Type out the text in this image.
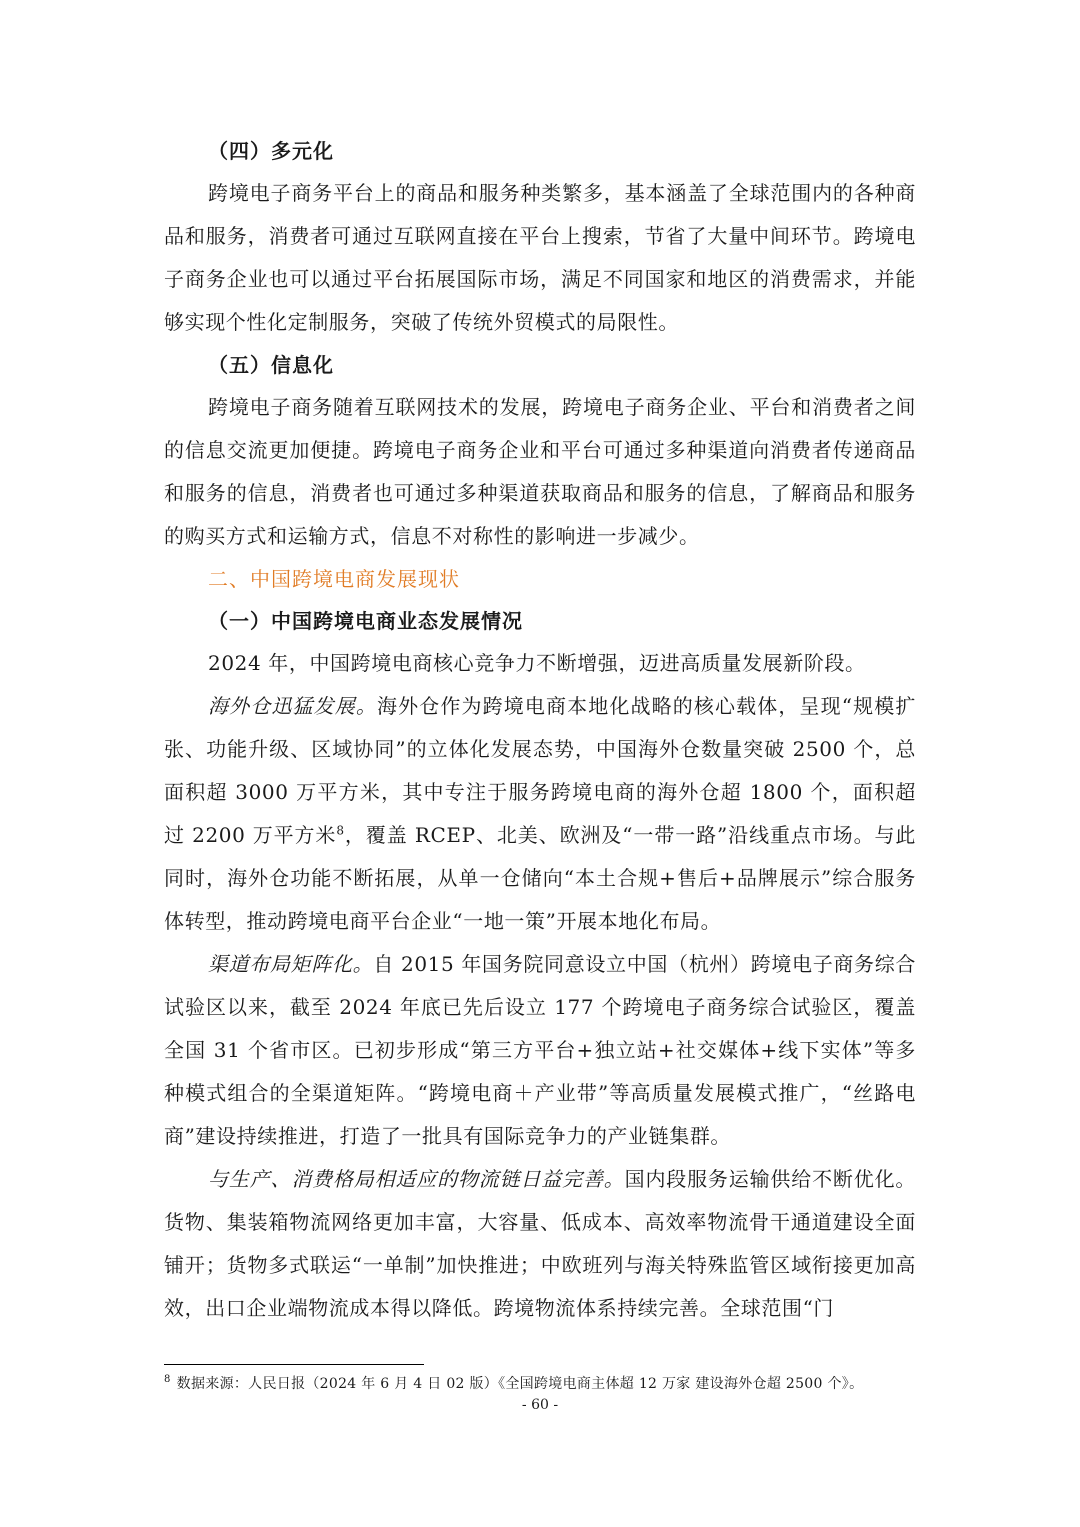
（四）多元化

跨境电子商务平台上的商品和服务种类繁多，基本涵盖了全球范围内的各种商品和服务，消费者可通过互联网直接在平台上搜索，节省了大量中间环节。跨境电子商务企业也可以通过平台拓展国际市场，满足不同国家和地区的消费需求，并能够实现个性化定制服务，突破了传统外贸模式的局限性。

（五）信息化

跨境电子商务随着互联网技术的发展，跨境电子商务企业、平台和消费者之间的信息交流更加便捷。跨境电子商务企业和平台可通过多种渠道向消费者传递商品和服务的信息，消费者也可通过多种渠道获取商品和服务的信息，了解商品和服务的购买方式和运输方式，信息不对称性的影响进一步减少。

二、中国跨境电商发展现状

（一）中国跨境电商业态发展情况

2024 年，中国跨境电商核心竞争力不断增强，迈进高质量发展新阶段。

海外仓迅猛发展。海外仓作为跨境电商本地化战略的核心载体，呈现“规模扩张、功能升级、区域协同”的立体化发展态势，中国海外仓数量突破 2500 个，总面积超 3000 万平方米，其中专注于服务跨境电商的海外仓超 1800 个，面积超过 2200 万平方米$^8$，覆盖 RCEP、北美、欧洲及“一带一路”沿线重点市场。与此同时，海外仓功能不断拓展，从单一仓储向“本土合规+售后+品牌展示”综合服务体转型，推动跨境电商平台企业“一地一策”开展本地化布局。

渠道布局矩阵化。自 2015 年国务院同意设立中国（杭州）跨境电子商务综合试验区以来，截至 2024 年底已先后设立 177 个跨境电子商务综合试验区，覆盖全国 31 个省市区。已初步形成“第三方平台+独立站+社交媒体+线下实体”等多种模式组合的全渠道矩阵。“跨境电商＋产业带”等高质量发展模式推广，“丝路电商”建设持续推进，打造了一批具有国际竞争力的产业链集群。

与生产、消费格局相适应的物流链日益完善。国内段服务运输供给不断优化。货物、集装箱物流网络更加丰富，大容量、低成本、高效率物流骨干通道建设全面铺开；货物多式联运“一单制”加快推进；中欧班列与海关特殊监管区域衔接更加高效，出口企业端物流成本得以降低。跨境物流体系持续完善。全球范围“门

$^8$ 数据来源：人民日报（2024 年 6 月 4 日 02 版）《全国跨境电商主体超 12 万家 建设海外仓超 2500 个》。
- 60 -
